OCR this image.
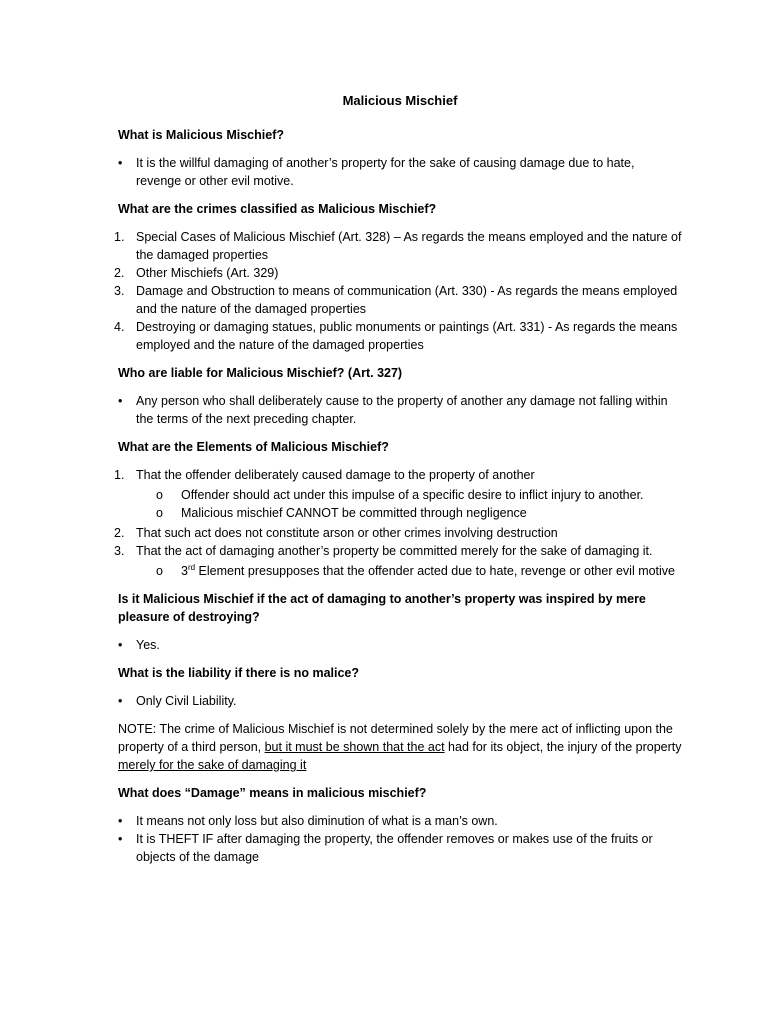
Malicious Mischief
What is Malicious Mischief?
• It is the willful damaging of another’s property for the sake of causing damage due to hate, revenge or other evil motive.
What are the crimes classified as Malicious Mischief?
1. Special Cases of Malicious Mischief (Art. 328) – As regards the means employed and the nature of the damaged properties
2. Other Mischiefs (Art. 329)
3. Damage and Obstruction to means of communication (Art. 330) - As regards the means employed and the nature of the damaged properties
4. Destroying or damaging statues, public monuments or paintings (Art. 331) - As regards the means employed and the nature of the damaged properties
Who are liable for Malicious Mischief? (Art. 327)
• Any person who shall deliberately cause to the property of another any damage not falling within the terms of the next preceding chapter.
What are the Elements of Malicious Mischief?
1. That the offender deliberately caused damage to the property of another
o Offender should act under this impulse of a specific desire to inflict injury to another.
o Malicious mischief CANNOT be committed through negligence
2. That such act does not constitute arson or other crimes involving destruction
3. That the act of damaging another’s property be committed merely for the sake of damaging it.
o 3rd Element presupposes that the offender acted due to hate, revenge or other evil motive
Is it Malicious Mischief if the act of damaging to another’s property was inspired by mere pleasure of destroying?
• Yes.
What is the liability if there is no malice?
• Only Civil Liability.
NOTE: The crime of Malicious Mischief is not determined solely by the mere act of inflicting upon the property of a third person, but it must be shown that the act had for its object, the injury of the property merely for the sake of damaging it
What does “Damage” means in malicious mischief?
• It means not only loss but also diminution of what is a man’s own.
• It is THEFT IF after damaging the property, the offender removes or makes use of the fruits or objects of the damage
